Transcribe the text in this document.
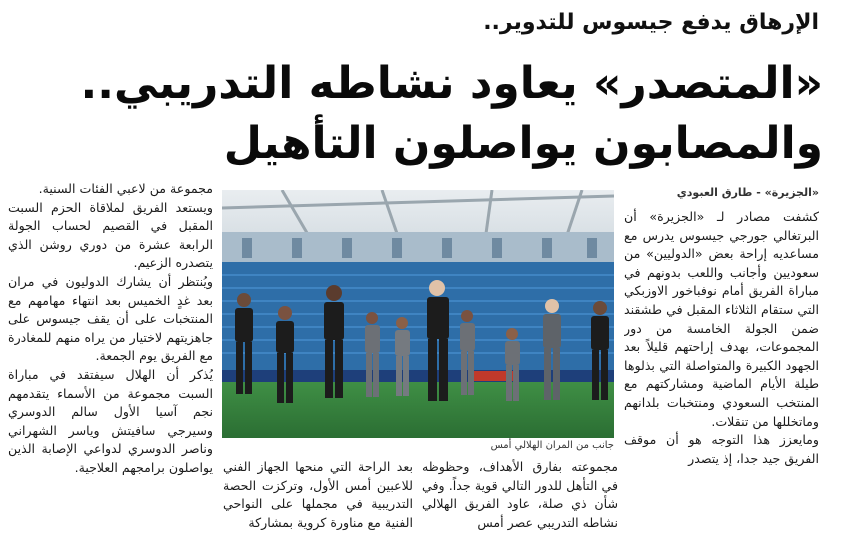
الإرهاق يدفع جيسوس للتدوير..
«المتصدر» يعاود نشاطه التدريبي..
والمصابون يواصلون التأهيل
«الجزيرة» - طارق العبودي

كشفت مصادر لـ «الجزيرة» أن البرتغالي جورجي جيسوس يدرس مع مساعديه إراحة بعض «الدوليين» من سعوديين وأجانب واللعب بدونهم في مباراة الفريق أمام نوفباخور الاوزبكي التي ستقام الثلاثاء المقبل في طشقند ضمن الجولة الخامسة من دور المجموعات، بهدف إراحتهم قليلاً بعد الجهود الكبيرة والمتواصلة التي بذلوها طيلة الأيام الماضية ومشاركتهم مع المنتخب السعودي ومنتخبات بلدانهم وماتخللها من تنقلات.

ومايعزز هذا التوجه هو أن موقف الفريق جيد جدا، إذ يتصدر

جانب من المران الهلالي أمس

مجموعته بفارق الأهداف، وحظوظه في التأهل للدور التالي قوية جداً. وفي شأن ذي صلة، عاود الفريق الهلالي نشاطه التدريبي عصر أمس

بعد الراحة التي منحها الجهاز الفني للاعبين أمس الأول، وتركزت الحصة التدريبية في مجملها على النواحي الفنية مع مناورة كروية بمشاركة

مجموعة من لاعبي الفئات السنية.

ويستعد الفريق لملاقاة الحزم السبت المقبل في القصيم لحساب الجولة الرابعة عشرة من دوري روشن الذي يتصدره الزعيم.

ويُنتظر أن يشارك الدوليون في مران بعد غدٍ الخميس بعد انتهاء مهامهم مع المنتخبات على أن يقف جيسوس على جاهزيتهم لاختيار من يراه منهم للمغادرة مع الفريق يوم الجمعة.

يُذكر أن الهلال سيفتقد في مباراة السبت مجموعة من الأسماء يتقدمهم نجم آسيا الأول سالم الدوسري وسيرجي سافيتش وياسر الشهراني وناصر الدوسري لدواعي الإصابة الذين يواصلون برامجهم العلاجية.
